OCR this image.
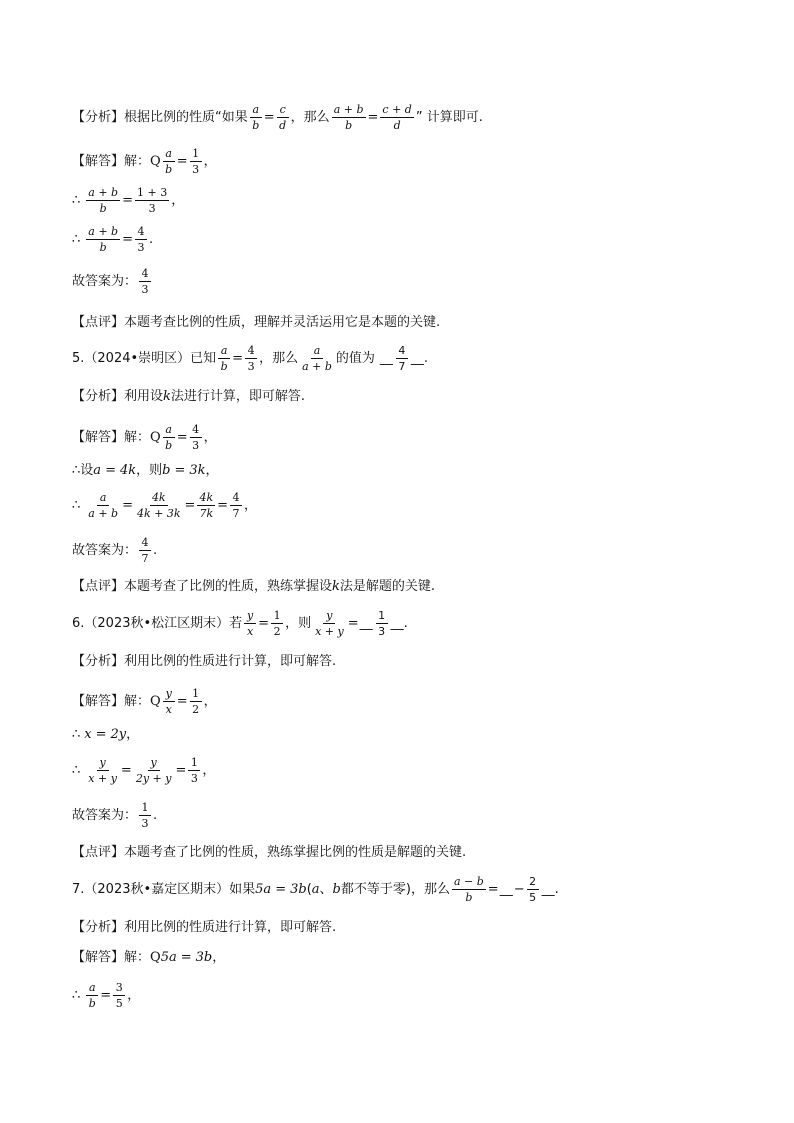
【分析】 根据比例的性质“如果 $\frac{a}{b} = \frac{c}{d}$ ，那么 $\frac{a + b}{b} = \frac{c + d}{d}$ ” 计算即可.
【解答】 解： Q $\frac{a}{b} = \frac{1}{3}$ ，
∴ $\frac{a + b}{b} = \frac{1 + 3}{3}$ ，
∴ $\frac{a + b}{b} = \frac{4}{3}$ .
故答案为： $\frac{4}{3}$
【点评】 本题考查比例的性质，理解并灵活运用它是本题的关键.
5.（2024•崇明区）已知 $\frac{a}{b} = \frac{4}{3}$ ，那么 $\frac{a}{a + b}$ 的值为 __ $\frac{4}{7}$ __.
【分析】 利用设 k 法进行计算，即可解答.
【解答】 解： Q $\frac{a}{b} = \frac{4}{3}$ ，
∴ 设 a = 4k ，则 b = 3k ，
∴ $\frac{a}{a + b} = \frac{4k}{4k + 3k} = \frac{4k}{7k} = \frac{4}{7}$ ，
故答案为： $\frac{4}{7}$ .
【点评】 本题考查了比例的性质，熟练掌握设 k 法是解题的关键.
6.（2023秋•松江区期末）若 $\frac{y}{x} = \frac{1}{2}$ ，则 $\frac{y}{x + y}$ = __ $\frac{1}{3}$ __.
【分析】 利用比例的性质进行计算，即可解答.
【解答】 解： Q $\frac{y}{x} = \frac{1}{2}$ ，
∴ x = 2y ，
∴ $\frac{y}{x + y} = \frac{y}{2y + y} = \frac{1}{3}$ ，
故答案为： $\frac{1}{3}$ .
【点评】 本题考查了比例的性质，熟练掌握比例的性质是解题的关键.
7.（2023秋•嘉定区期末）如果 5a = 3b ( a 、 b 都不等于零 ) ，那么 $\frac{a - b}{b}$ = __ − $\frac{2}{5}$ __.
【分析】 利用比例的性质进行计算，即可解答.
【解答】 解： Q 5a = 3b ，
∴ $\frac{a}{b} = \frac{3}{5}$ ，
